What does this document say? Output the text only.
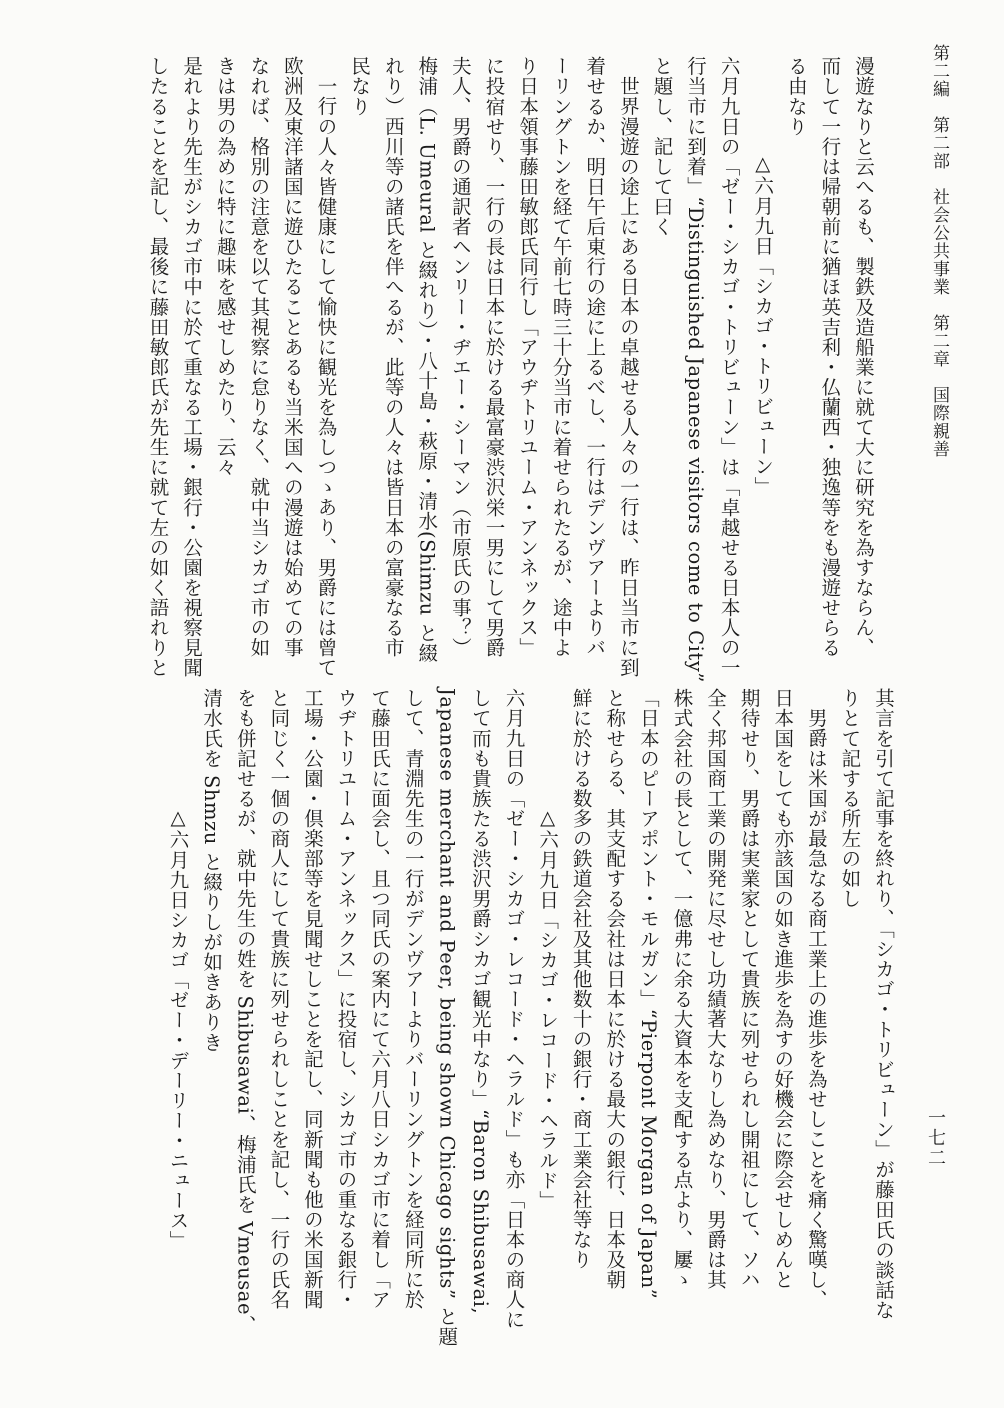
第二編　第二部　社会公共事業　第二章　国際親善
一七二
漫遊なりと云へるも、製鉄及造船業に就て大に研究を為すならん、
而して一行は帰朝前に猶ほ英吉利・仏蘭西・独逸等をも漫遊せらる
る由なり
△六月九日「シカゴ・トリビューン」
六月九日の「ゼー・シカゴ・トリビューン」は「卓越せる日本人の一
行当市に到着」“Distinguished Japanese visitors come to City”
と題し、記して曰く
世界漫遊の途上にある日本の卓越せる人々の一行は、昨日当市に到
着せるか、明日午后東行の途に上るべし、一行はデンヴアーよりバ
ーリングトンを経て午前七時三十分当市に着せられたるが、途中よ
り日本領事藤田敏郎氏同行し「アウヂトリユーム・アンネックス」
に投宿せり、一行の長は日本に於ける最富豪渋沢栄一男にして男爵
夫人、男爵の通訳者ヘンリー・ヂエー・シーマン（市原氏の事？）
梅浦（L. Umeural と綴れり）・八十島・萩原・清水(Shimzu と綴
れり）西川等の諸氏を伴へるが、此等の人々は皆日本の富豪なる市
民なり
一行の人々皆健康にして愉快に観光を為しつゝあり、男爵には曾て
欧洲及東洋諸国に遊ひたることあるも当米国への漫遊は始めての事
なれば、格別の注意を以て其視察に怠りなく、就中当シカゴ市の如
きは男の為めに特に趣味を感せしめたり、云々
是れより先生がシカゴ市中に於て重なる工場・銀行・公園を視察見聞
したることを記し、最後に藤田敏郎氏が先生に就て左の如く語れりと
其言を引て記事を終れり、「シカゴ・トリビューン」が藤田氏の談話な
りとて記する所左の如し
男爵は米国が最急なる商工業上の進歩を為せしことを痛く驚嘆し、
日本国をしても亦該国の如き進歩を為すの好機会に際会せしめんと
期待せり、男爵は実業家として貴族に列せられし開祖にして、ソハ
全く邦国商工業の開発に尽せし功績著大なりし為めなり、男爵は其
株式会社の長として、一億弗に余る大資本を支配する点より、屢ゝ
「日本のピーアポント・モルガン」“Pierpont Morgan of Japan”
と称せらる、其支配する会社は日本に於ける最大の銀行、日本及朝
鮮に於ける数多の鉄道会社及其他数十の銀行・商工業会社等なり
△六月九日「シカゴ・レコード・ヘラルド」
六月九日の「ゼー・シカゴ・レコード・ヘラルド」も亦「日本の商人に
して而も貴族たる渋沢男爵シカゴ観光中なり」“Baron Shibusawai,
Japanese merchant and Peer, being shown Chicago sights” と題
して、青淵先生の一行がデンヴアーよりバーリングトンを経同所に於
て藤田氏に面会し、且つ同氏の案内にて六月八日シカゴ市に着し「ア
ウヂトリユーム・アンネックス」に投宿し、シカゴ市の重なる銀行・
工場・公園・倶楽部等を見聞せしことを記し、同新聞も他の米国新聞
と同じく一個の商人にして貴族に列せられしことを記し、一行の氏名
をも併記せるが、就中先生の姓を Shibusawai、梅浦氏を Vmeusae、
清水氏を Shmzu と綴りしが如きありき
△六月九日シカゴ「ゼー・デーリー・ニュース」
